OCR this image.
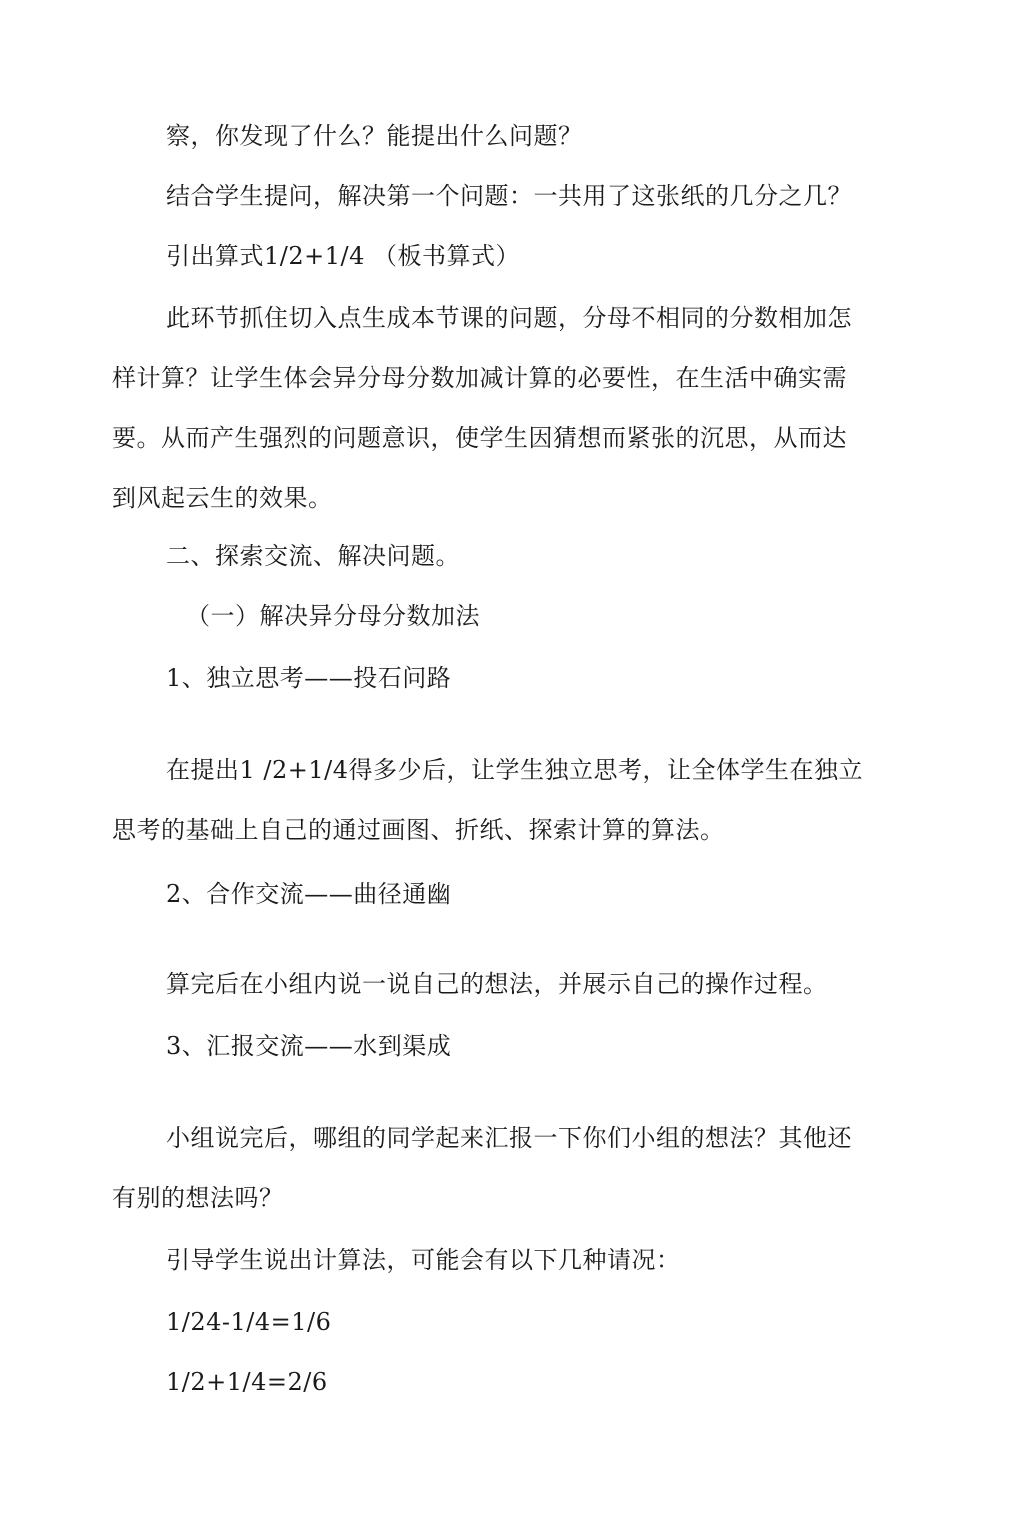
察，你发现了什么？能提出什么问题？
结合学生提问，解决第一个问题：一共用了这张纸的几分之几？
引出算式1/2+1/4 （板书算式）
此环节抓住切入点生成本节课的问题，分母不相同的分数相加怎
样计算？让学生体会异分母分数加减计算的必要性，在生活中确实需
要。从而产生强烈的问题意识，使学生因猜想而紧张的沉思，从而达
到风起云生的效果。
二、探索交流、解决问题。
（一）解决异分母分数加法
1、独立思考——投石问路
在提出1 /2+1/4得多少后，让学生独立思考，让全体学生在独立
思考的基础上自己的通过画图、折纸、探索计算的算法。
2、合作交流——曲径通幽
算完后在小组内说一说自己的想法，并展示自己的操作过程。
3、汇报交流——水到渠成
小组说完后，哪组的同学起来汇报一下你们小组的想法？其他还
有别的想法吗？
引导学生说出计算法，可能会有以下几种请况：
1/24-1/4=1/6
1/2+1/4=2/6
